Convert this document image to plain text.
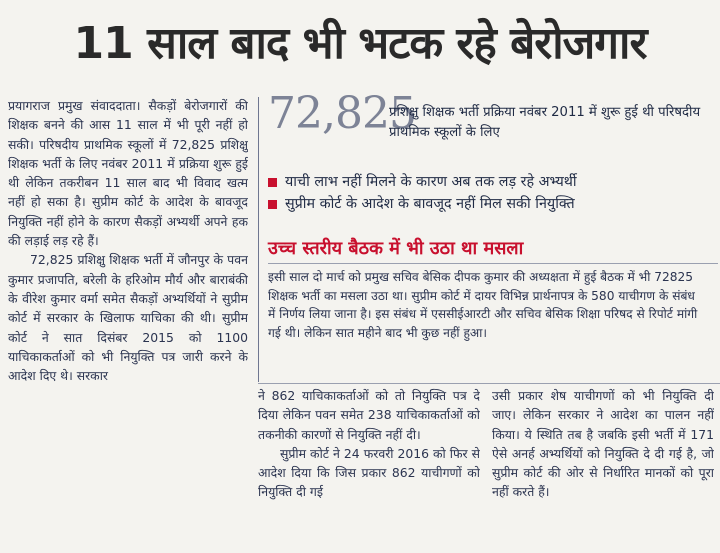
11 साल बाद भी भटक रहे बेरोजगार

प्रयागराज प्रमुख संवाददाता। सैकड़ों बेरोजगारों की शिक्षक बनने की आस 11 साल में भी पूरी नहीं हो सकी। परिषदीय प्राथमिक स्कूलों में 72,825 प्रशिक्षु शिक्षक भर्ती के लिए नवंबर 2011 में प्रक्रिया शुरू हुई थी लेकिन तकरीबन 11 साल बाद भी विवाद खत्म नहीं हो सका है। सुप्रीम कोर्ट के आदेश के बावजूद नियुक्ति नहीं होने के कारण सैकड़ों अभ्यर्थी अपने हक की लड़ाई लड़ रहे हैं।

72,825 प्रशिक्षु शिक्षक भर्ती में जौनपुर के पवन कुमार प्रजापति, बरेली के हरिओम मौर्य और बाराबंकी के वीरेश कुमार वर्मा समेत सैकड़ों अभ्यर्थियों ने सुप्रीम कोर्ट में सरकार के खिलाफ याचिका की थी। सुप्रीम कोर्ट ने सात दिसंबर 2015 को 1100 याचिकाकर्ताओं को भी नियुक्ति पत्र जारी करने के आदेश दिए थे। सरकार

72,825
प्रशिक्षु शिक्षक भर्ती प्रक्रिया नवंबर 2011 में शुरू हुई थी परिषदीय प्राथमिक स्कूलों के लिए
याची लाभ नहीं मिलने के कारण अब तक लड़ रहे अभ्यर्थी
सुप्रीम कोर्ट के आदेश के बावजूद नहीं मिल सकी नियुक्ति
उच्च स्तरीय बैठक में भी उठा था मसला
इसी साल दो मार्च को प्रमुख सचिव बेसिक दीपक कुमार की अध्यक्षता में हुई बैठक में भी 72825 शिक्षक भर्ती का मसला उठा था। सुप्रीम कोर्ट में दायर विभिन्न प्रार्थनापत्र के 580 याचीगण के संबंध में निर्णय लिया जाना है। इस संबंध में एससीईआरटी और सचिव बेसिक शिक्षा परिषद से रिपोर्ट मांगी गई थी। लेकिन सात महीने बाद भी कुछ नहीं हुआ।

ने 862 याचिकाकर्ताओं को तो नियुक्ति पत्र दे दिया लेकिन पवन समेत 238 याचिकाकर्ताओं को तकनीकी कारणों से नियुक्ति नहीं दी।

सुप्रीम कोर्ट ने 24 फरवरी 2016 को फिर से आदेश दिया कि जिस प्रकार 862 याचीगणों को नियुक्ति दी गई

उसी प्रकार शेष याचीगणों को भी नियुक्ति दी जाए। लेकिन सरकार ने आदेश का पालन नहीं किया। ये स्थिति तब है जबकि इसी भर्ती में 171 ऐसे अनर्ह अभ्यर्थियों को नियुक्ति दे दी गई है, जो सुप्रीम कोर्ट की ओर से निर्धारित मानकों को पूरा नहीं करते हैं।
